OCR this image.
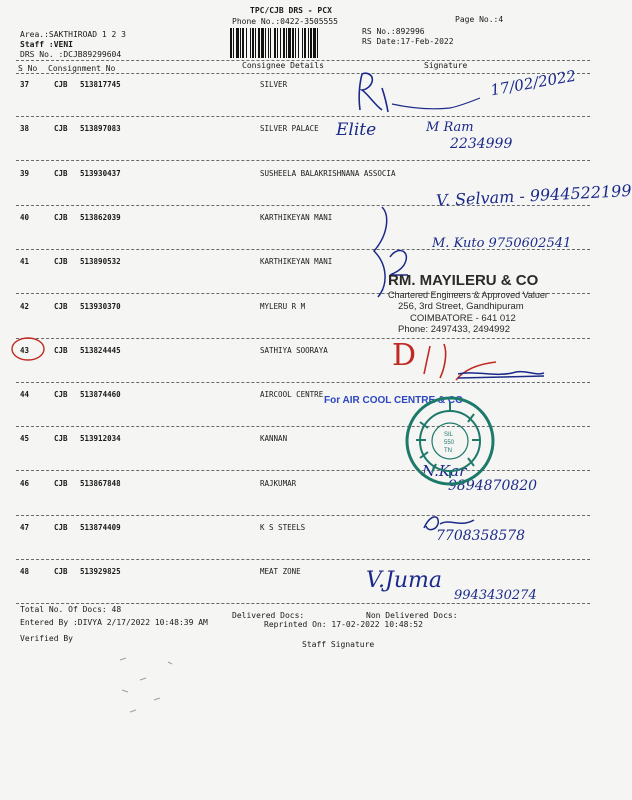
TPC/CJB DRS - PCX
Phone No.:0422-3505555	Page No.:4
Area.:SAKTHIROAD 1 2 3
Staff :VENI
DRS No. :DCJB89299604
RS No.:892996
RS Date:17-Feb-2022
S No Consignment No	Consignee Details	Signature
37	CJB 513817745	SILVER
38	CJB 513897083	SILVER PALACE
39	CJB 513930437	SUSHEELA BALAKRISHNANA ASSOCIA
40	CJB 513862039	KARTHIKEYAN MANI
41	CJB 513890532	KARTHIKEYAN MANI
42	CJB 513930370	MYLERU R M
43	CJB 513824445	SATHIYA SOORAYA
44	CJB 513874460	AIRCOOL CENTRE
45	CJB 513912034	KANNAN
46	CJB 513867848	RAJKUMAR
47	CJB 513874409	K S STEELS
48	CJB 513929825	MEAT ZONE
17/02/2022
Elite	M Ram
2234999
V. Selvam - 9944522199
M. Kuto 9750602541
D
N.Kar
9894870820
7708358578
V.Juma
9943430274
RM. MAYILERU & CO
Chartered Engineers & Approved Valuer
256, 3rd Street, Gandhipuram
COIMBATORE - 641 012
Phone: 2497433, 2494992
For AIR COOL CENTRE & CO
SIL
550
TN
Total No. Of Docs: 48
Delivered Docs:	Non Delivered Docs:
Entered By :DIVYA 2/17/2022 10:48:39 AM	Reprinted On: 17-02-2022 10:48:52
Verified By
Staff Signature
